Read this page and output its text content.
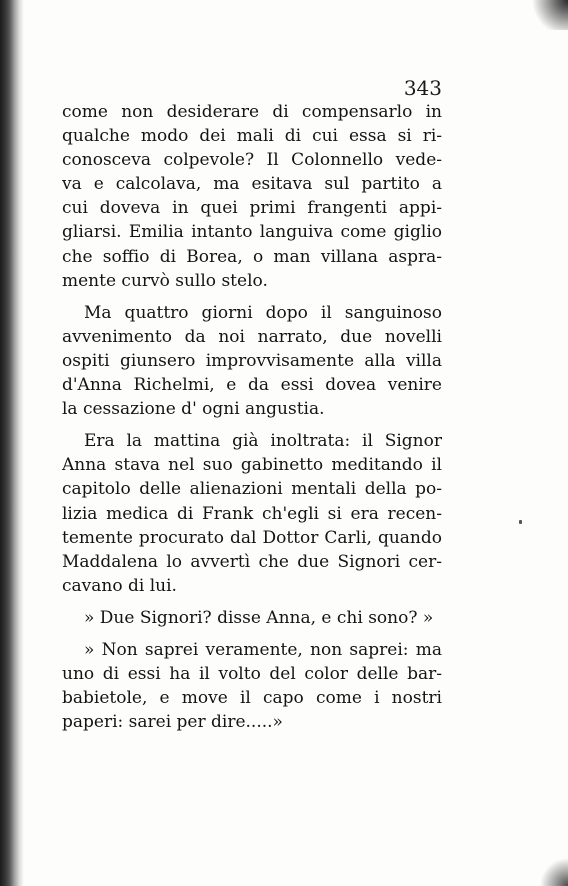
343
come non desiderare di compensarlo in
qualche modo dei mali di cui essa si ri-
conosceva colpevole? Il Colonnello vede-
va e calcolava, ma esitava sul partito a
cui doveva in quei primi frangenti appi-
gliarsi. Emilia intanto languiva come giglio
che soffio di Borea, o man villana aspra-
mente curvò sullo stelo.
Ma quattro giorni dopo il sanguinoso
avvenimento da noi narrato, due novelli
ospiti giunsero improvvisamente alla villa
d'Anna Richelmi, e da essi dovea venire
la cessazione d' ogni angustia.
Era la mattina già inoltrata: il Signor
Anna stava nel suo gabinetto meditando il
capitolo delle alienazioni mentali della po-
lizia medica di Frank ch'egli si era recen-
temente procurato dal Dottor Carli, quando
Maddalena lo avvertì che due Signori cer-
cavano di lui.
» Due Signori? disse Anna, e chi sono? »
» Non saprei veramente, non saprei: ma
uno di essi ha il volto del color delle bar-
babietole, e move il capo come i nostri
paperi: sarei per dire.....»
